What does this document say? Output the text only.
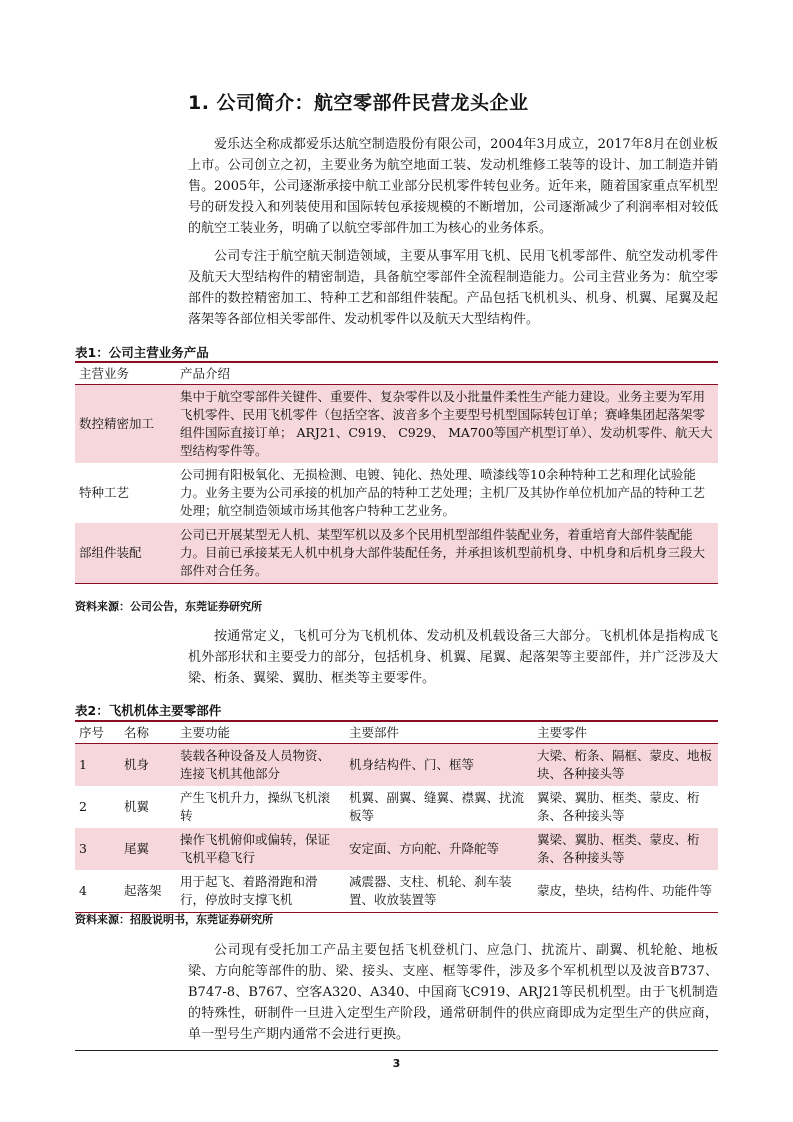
1. 公司简介：航空零部件民营龙头企业

爱乐达全称成都爱乐达航空制造股份有限公司，2004年3月成立，2017年8月在创业板上市。公司创立之初，主要业务为航空地面工装、发动机维修工装等的设计、加工制造并销售。2005年，公司逐渐承接中航工业部分民机零件转包业务。近年来，随着国家重点军机型号的研发投入和列装使用和国际转包承接规模的不断增加，公司逐渐减少了利润率相对较低的航空工装业务，明确了以航空零部件加工为核心的业务体系。

公司专注于航空航天制造领域，主要从事军用飞机、民用飞机零部件、航空发动机零件及航天大型结构件的精密制造，具备航空零部件全流程制造能力。公司主营业务为：航空零部件的数控精密加工、特种工艺和部组件装配。产品包括飞机机头、机身、机翼、尾翼及起落架等各部位相关零部件、发动机零件以及航天大型结构件。

表1：公司主营业务产品

主营业务	产品介绍
数控精密加工	集中于航空零部件关键件、重要件、复杂零件以及小批量件柔性生产能力建设。业务主要为军用飞机零件、民用飞机零件（包括空客、波音多个主要型号机型国际转包订单；赛峰集团起落架零组件国际直接订单； ARJ21、C919、 C929、 MA700等国产机型订单）、发动机零件、航天大型结构零件等。
特种工艺	公司拥有阳极氧化、无损检测、电镀、钝化、热处理、喷漆线等10余种特种工艺和理化试验能力。业务主要为公司承接的机加产品的特种工艺处理；主机厂及其协作单位机加产品的特种工艺处理；航空制造领域市场其他客户特种工艺业务。
部组件装配	公司已开展某型无人机、某型军机以及多个民用机型部组件装配业务，着重培育大部件装配能力。目前已承接某无人机中机身大部件装配任务，并承担该机型前机身、中机身和后机身三段大部件对合任务。

资料来源：公司公告，东莞证券研究所

按通常定义，飞机可分为飞机机体、发动机及机载设备三大部分。飞机机体是指构成飞机外部形状和主要受力的部分，包括机身、机翼、尾翼、起落架等主要部件，并广泛涉及大梁、桁条、翼梁、翼肋、框类等主要零件。

表2：飞机机体主要零部件

序号	名称	主要功能	主要部件	主要零件
1	机身	装载各种设备及人员物资、连接飞机其他部分	机身结构件、门、框等	大梁、桁条、隔框、蒙皮、地板块、各种接头等
2	机翼	产生飞机升力，操纵飞机滚转	机翼、副翼、缝翼、襟翼、扰流板等	翼梁、翼肋、框类、蒙皮、桁条、各种接头等
3	尾翼	操作飞机俯仰或偏转，保证飞机平稳飞行	安定面、方向舵、升降舵等	翼梁、翼肋、框类、蒙皮、桁条、各种接头等
4	起落架	用于起飞、着路滑跑和滑行，停放时支撑飞机	减震器、支柱、机轮、刹车装置、收放装置等	蒙皮，垫块，结构件、功能件等

资料来源：招股说明书，东莞证券研究所

公司现有受托加工产品主要包括飞机登机门、应急门、扰流片、副翼、机轮舱、地板梁、方向舵等部件的肋、梁、接头、支座、框等零件，涉及多个军机机型以及波音B737、B747-8、B767、空客A320、A340、中国商飞C919、ARJ21等民机机型。由于飞机制造的特殊性，研制件一旦进入定型生产阶段，通常研制件的供应商即成为定型生产的供应商，单一型号生产期内通常不会进行更换。

3
